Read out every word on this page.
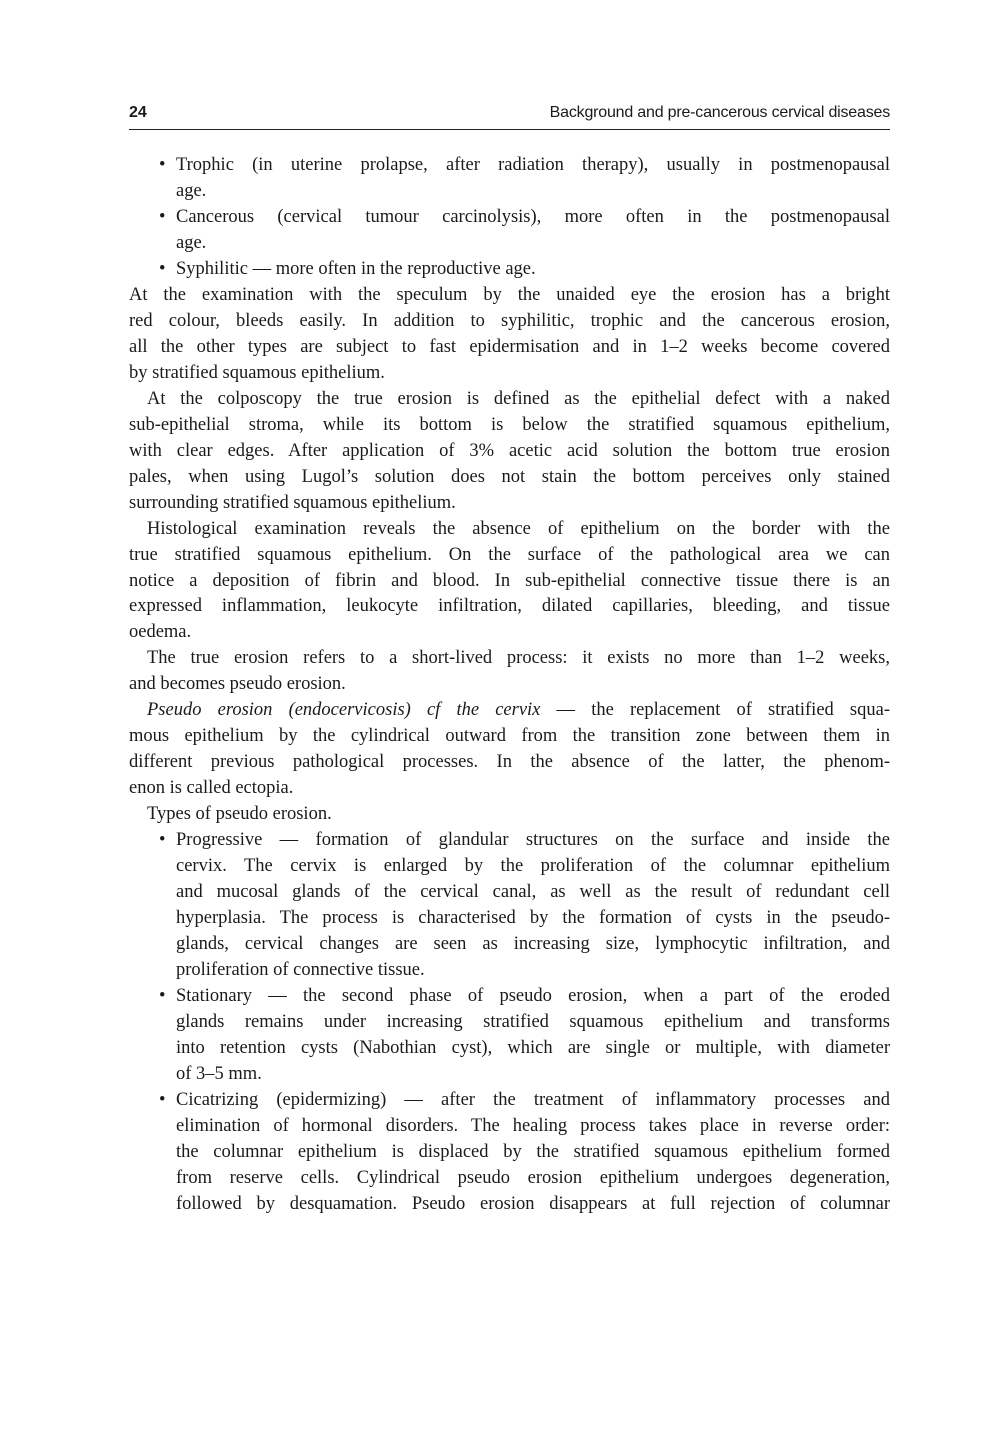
24	Background and pre-cancerous cervical diseases
• Trophic (in uterine prolapse, after radiation therapy), usually in postmenopausal
age.
• Cancerous (cervical tumour carcinolysis), more often in the postmenopausal
age.
• Syphilitic — more often in the reproductive age.
At the examination with the speculum by the unaided eye the erosion has a bright
red colour, bleeds easily. In addition to syphilitic, trophic and the cancerous erosion,
all the other types are subject to fast epidermisation and in 1–2 weeks become covered
by stratified squamous epithelium.
At the colposcopy the true erosion is defined as the epithelial defect with a naked
sub-epithelial stroma, while its bottom is below the stratified squamous epithelium,
with clear edges. After application of 3% acetic acid solution the bottom true erosion
pales, when using Lugol’s solution does not stain the bottom perceives only stained
surrounding stratified squamous epithelium.
Histological examination reveals the absence of epithelium on the border with the
true stratified squamous epithelium. On the surface of the pathological area we can
notice a deposition of fibrin and blood. In sub-epithelial connective tissue there is an
expressed inflammation, leukocyte infiltration, dilated capillaries, bleeding, and tissue
oedema.
The true erosion refers to a short-lived process: it exists no more than 1–2 weeks,
and becomes pseudo erosion.
Pseudo erosion (endocervicosis) cf the cervix — the replacement of stratified squa-
mous epithelium by the cylindrical outward from the transition zone between them in
different previous pathological processes. In the absence of the latter, the phenom-
enon is called ectopia.
Types of pseudo erosion.
• Progressive — formation of glandular structures on the surface and inside the
cervix. The cervix is enlarged by the proliferation of the columnar epithelium
and mucosal glands of the cervical canal, as well as the result of redundant cell
hyperplasia. The process is characterised by the formation of cysts in the pseudo-
glands, cervical changes are seen as increasing size, lymphocytic infiltration, and
proliferation of connective tissue.
• Stationary — the second phase of pseudo erosion, when a part of the eroded
glands remains under increasing stratified squamous epithelium and transforms
into retention cysts (Nabothian cyst), which are single or multiple, with diameter
of 3–5 mm.
• Cicatrizing (epidermizing) — after the treatment of inflammatory processes and
elimination of hormonal disorders. The healing process takes place in reverse order:
the columnar epithelium is displaced by the stratified squamous epithelium formed
from reserve cells. Cylindrical pseudo erosion epithelium undergoes degeneration,
followed by desquamation. Pseudo erosion disappears at full rejection of columnar
